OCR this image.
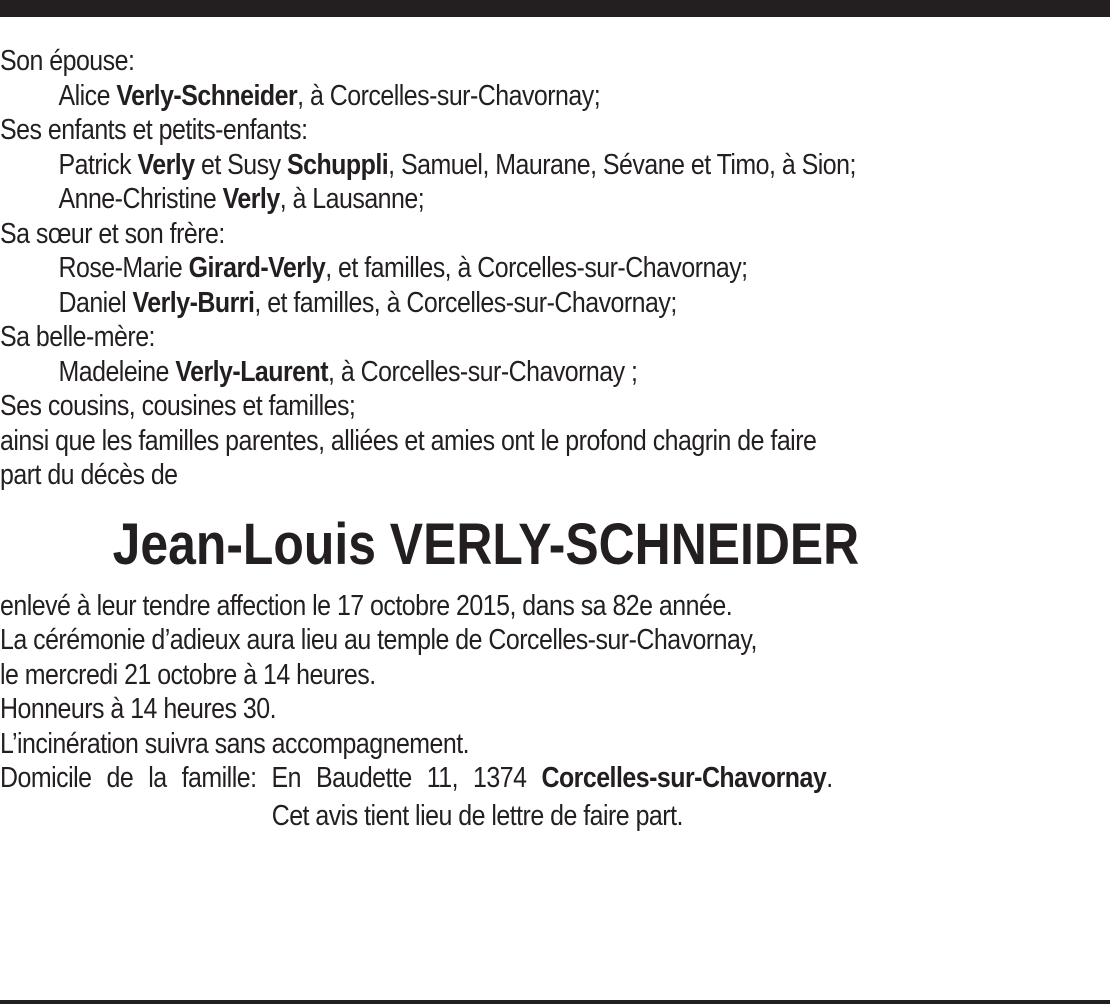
Son épouse:
Alice Verly-Schneider, à Corcelles-sur-Chavornay;
Ses enfants et petits-enfants:
Patrick Verly et Susy Schuppli, Samuel, Maurane, Sévane et Timo, à Sion;
Anne-Christine Verly, à Lausanne;
Sa sœur et son frère:
Rose-Marie Girard-Verly, et familles, à Corcelles-sur-Chavornay;
Daniel Verly-Burri, et familles, à Corcelles-sur-Chavornay;
Sa belle-mère:
Madeleine Verly-Laurent, à Corcelles-sur-Chavornay ;
Ses cousins, cousines et familles;
ainsi que les familles parentes, alliées et amies ont le profond chagrin de faire
part du décès de
Jean-Louis VERLY-SCHNEIDER
enlevé à leur tendre affection le 17 octobre 2015, dans sa 82e année.
La cérémonie d’adieux aura lieu au temple de Corcelles-sur-Chavornay,
le mercredi 21 octobre à 14 heures.
Honneurs à 14 heures 30.
L’incinération suivra sans accompagnement.
Domicile de la famille: En Baudette 11, 1374 Corcelles-sur-Chavornay.
Cet avis tient lieu de lettre de faire part.
